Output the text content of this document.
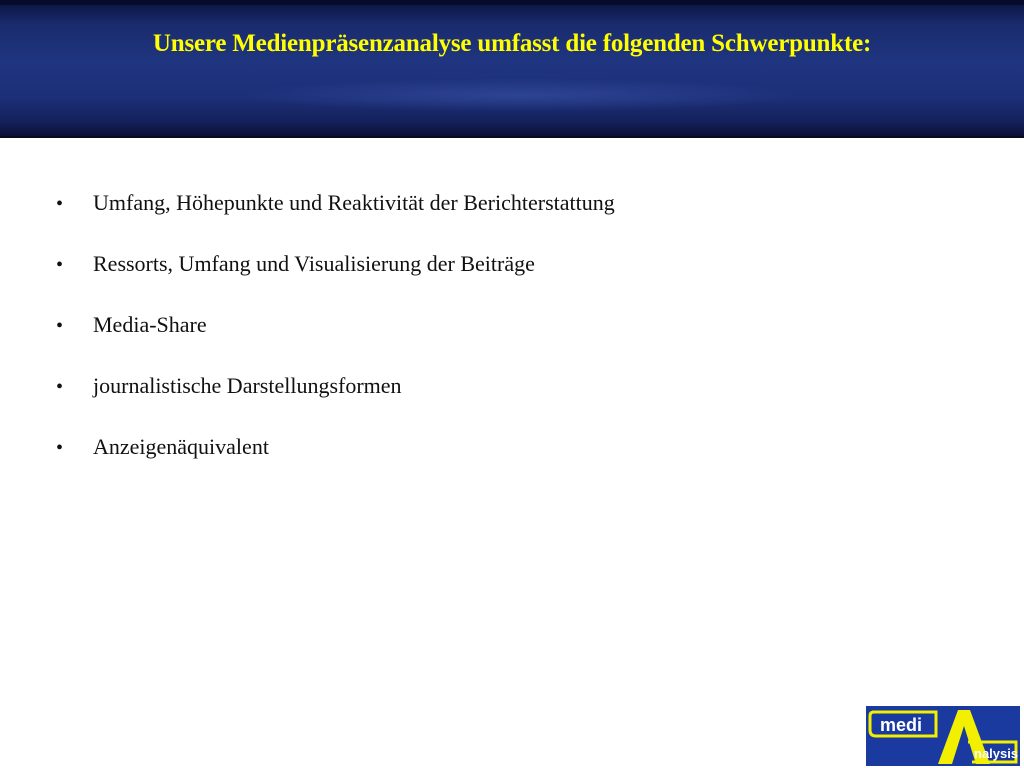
Unsere Medienpräsenzanalyse umfasst die folgenden Schwerpunkte:
•	Umfang, Höhepunkte und Reaktivität der Berichterstattung
•	Ressorts, Umfang und Visualisierung der Beiträge
•	Media-Share
•	journalistische Darstellungsformen
•	Anzeigenäquivalent
medi
nalysis
